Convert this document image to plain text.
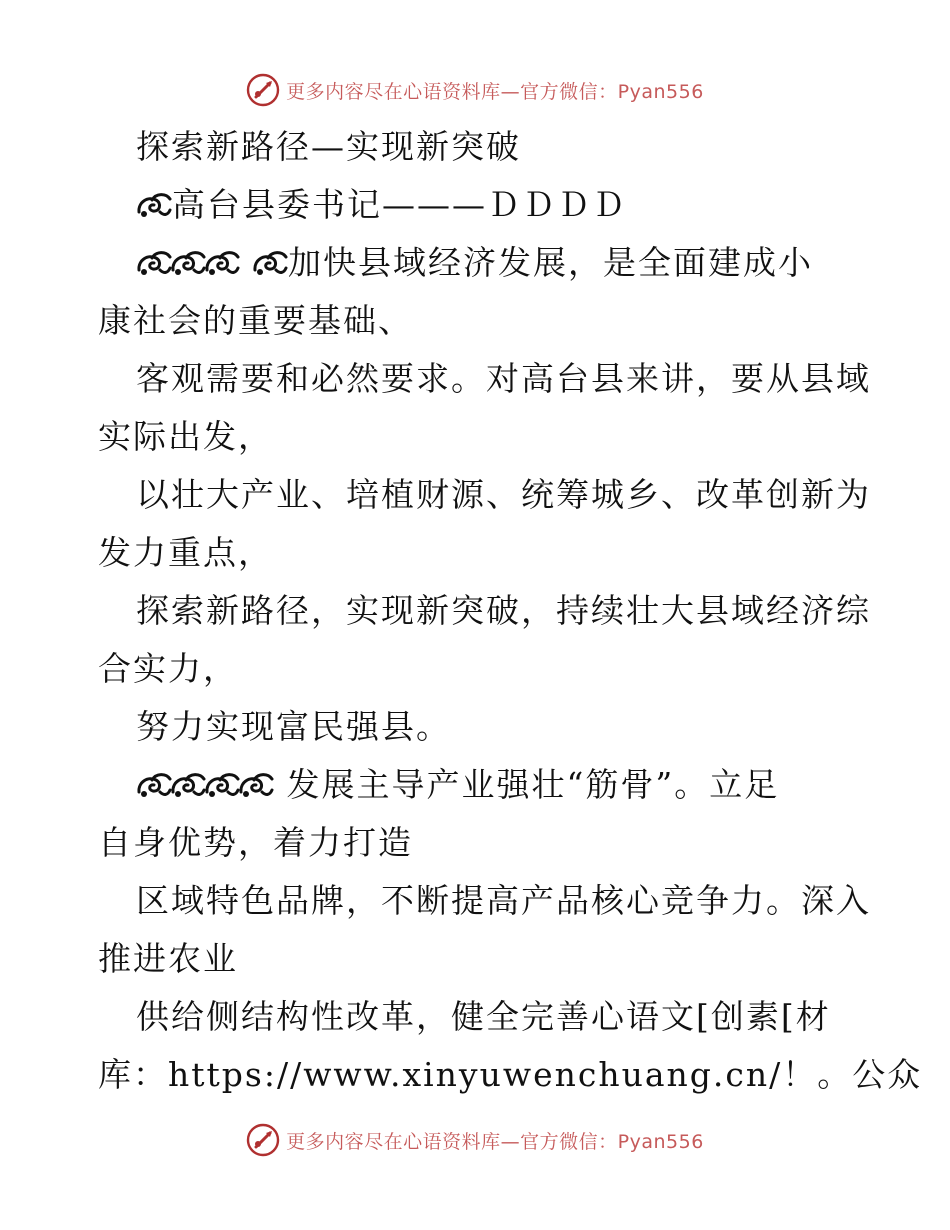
更多内容尽在心语资料库—官方微信：Pyan556
探索新路径—实现新突破
高台县委书记———ＤＤＤＤ
加快县域经济发展，是全面建成小
康社会的重要基础、
客观需要和必然要求。对高台县来讲，要从县域
实际出发，
以壮大产业、培植财源、统筹城乡、改革创新为
发力重点，
探索新路径，实现新突破，持续壮大县域经济综
合实力，
努力实现富民强县。
发展主导产业强壮“筋骨”。立足
自身优势，着力打造
区域特色品牌，不断提高产品核心竞争力。深入
推进农业
供给侧结构性改革，健全完善心语文[创素[材
库：https://www.xinyuwenchuang.cn/！。公众
更多内容尽在心语资料库—官方微信：Pyan556
